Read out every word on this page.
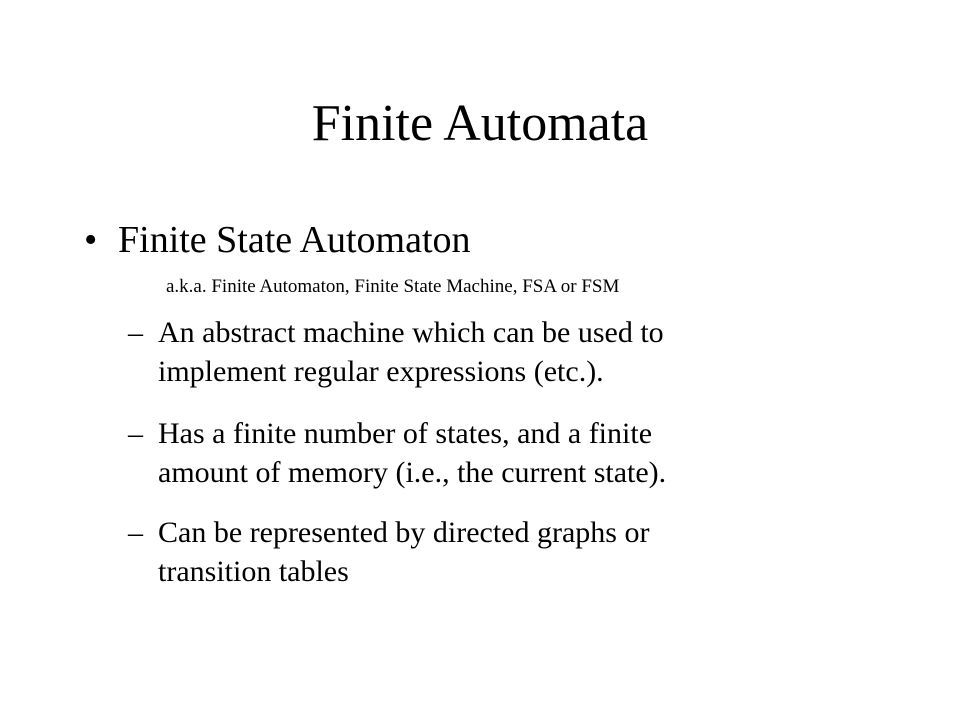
Finite Automata
• Finite State Automaton
a.k.a. Finite Automaton, Finite State Machine, FSA or FSM
– An abstract machine which can be used to
implement regular expressions (etc.).
– Has a finite number of states, and a finite
amount of memory (i.e., the current state).
– Can be represented by directed graphs or
transition tables
